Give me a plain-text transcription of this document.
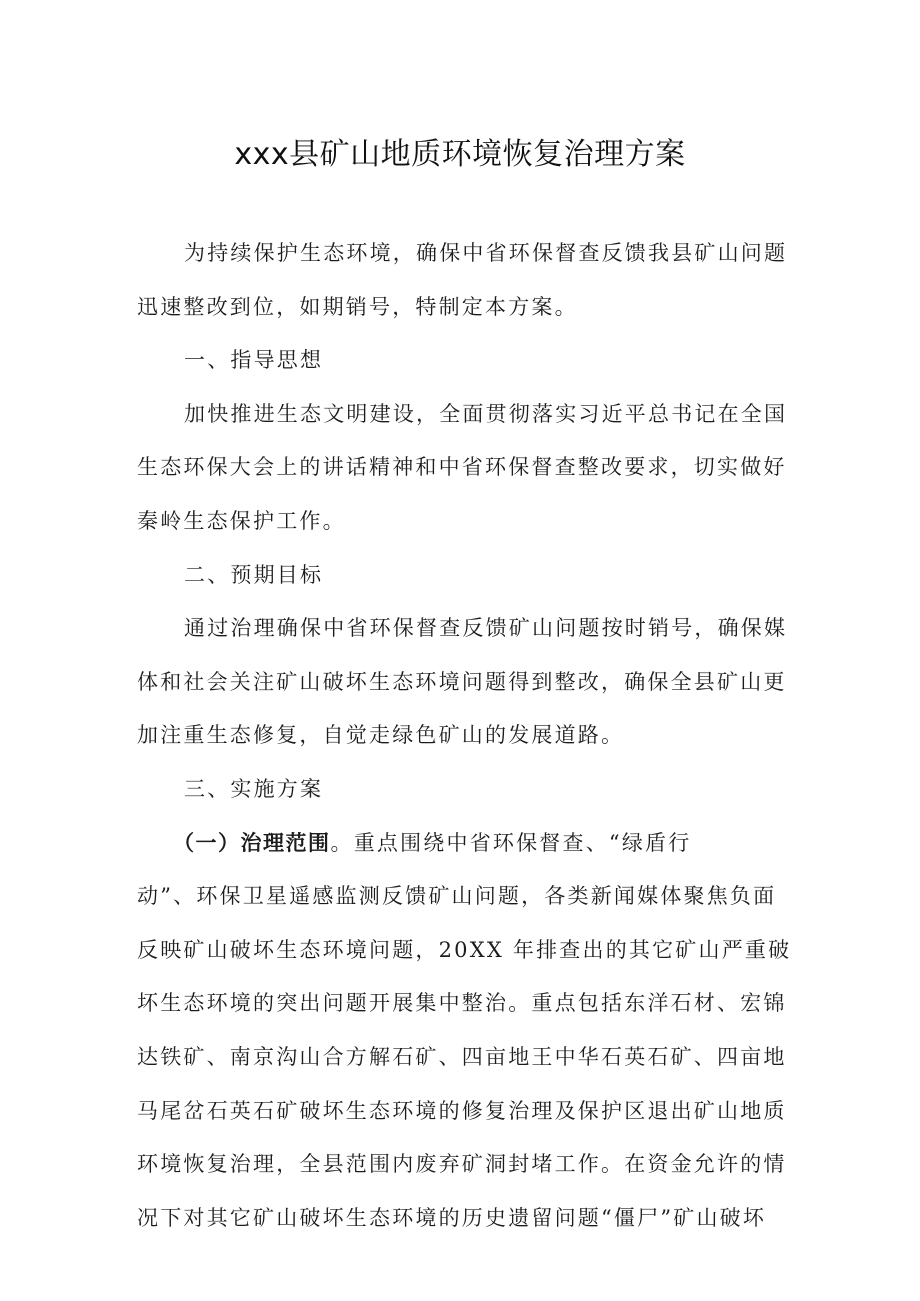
xxx县矿山地质环境恢复治理方案
为持续保护生态环境，确保中省环保督查反馈我县矿山问题
迅速整改到位，如期销号，特制定本方案。
一、指导思想
加快推进生态文明建设，全面贯彻落实习近平总书记在全国
生态环保大会上的讲话精神和中省环保督查整改要求，切实做好
秦岭生态保护工作。
二、预期目标
通过治理确保中省环保督查反馈矿山问题按时销号，确保媒
体和社会关注矿山破坏生态环境问题得到整改，确保全县矿山更
加注重生态修复，自觉走绿色矿山的发展道路。
三、实施方案
（一）治理范围。重点围绕中省环保督查、“绿盾行
动”、环保卫星遥感监测反馈矿山问题，各类新闻媒体聚焦负面
反映矿山破坏生态环境问题，20XX 年排查出的其它矿山严重破
坏生态环境的突出问题开展集中整治。重点包括东洋石材、宏锦
达铁矿、南京沟山合方解石矿、四亩地王中华石英石矿、四亩地
马尾岔石英石矿破坏生态环境的修复治理及保护区退出矿山地质
环境恢复治理，全县范围内废弃矿洞封堵工作。在资金允许的情
况下对其它矿山破坏生态环境的历史遗留问题“僵尸”矿山破坏
